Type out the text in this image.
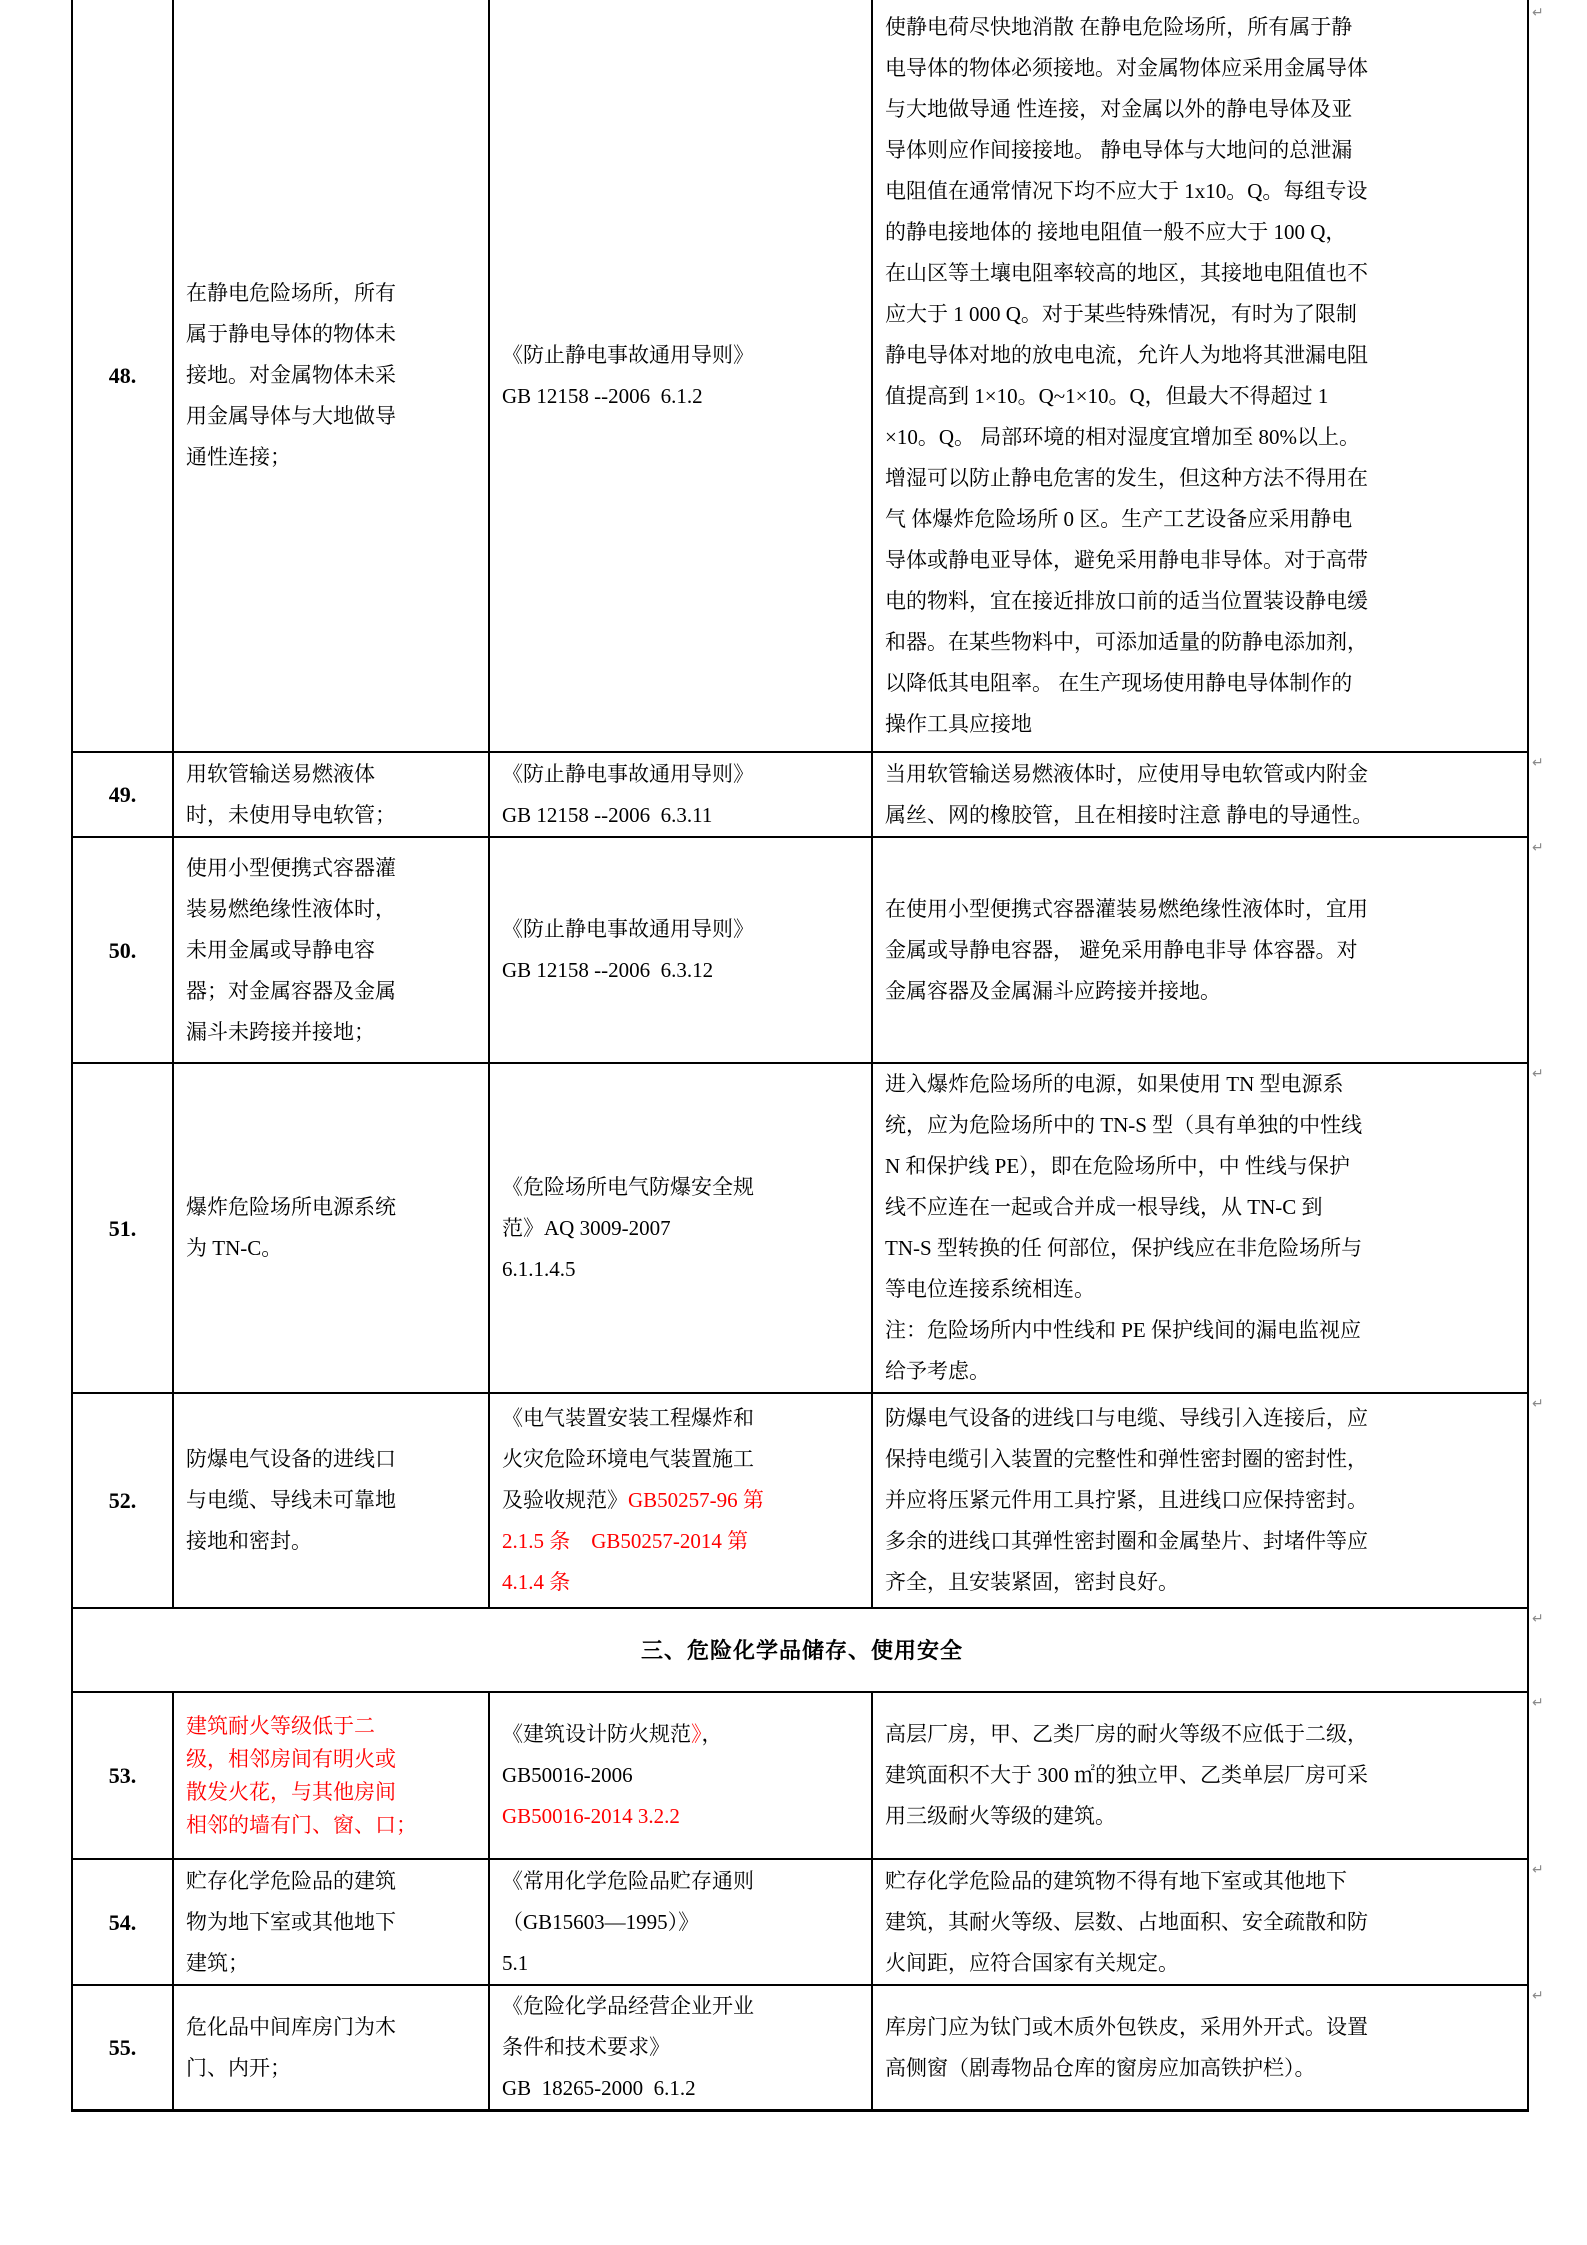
48.	在静电危险场所，所有
属于静电导体的物体未
接地。对金属物体未采
用金属导体与大地做导
通性连接；	《防止静电事故通用导则》
GB 12158 --2006  6.1.2	使静电荷尽快地消散 在静电危险场所，所有属于静
电导体的物体必须接地。对金属物体应采用金属导体
与大地做导通 性连接，对金属以外的静电导体及亚
导体则应作间接接地。 静电导体与大地问的总泄漏
电阻值在通常情况下均不应大于 1x10。Q。每组专设
的静电接地体的 接地电阻值一般不应大于 100 Q，
在山区等土壤电阻率较高的地区，其接地电阻值也不
应大于 1 000 Q。对于某些特殊情况，有时为了限制
静电导体对地的放电电流，允许人为地将其泄漏电阻
值提高到 1×10。Q~1×10。Q，但最大不得超过 1
×10。Q。 局部环境的相对湿度宜增加至 80%以上。
增湿可以防止静电危害的发生，但这种方法不得用在
气 体爆炸危险场所 0 区。生产工艺设备应采用静电
导体或静电亚导体，避免采用静电非导体。对于高带
电的物料，宜在接近排放口前的适当位置装设静电缓
和器。在某些物料中，可添加适量的防静电添加剂，
以降低其电阻率。 在生产现场使用静电导体制作的
操作工具应接地
49.	用软管输送易燃液体
时，未使用导电软管；	《防止静电事故通用导则》
GB 12158 --2006  6.3.11	当用软管输送易燃液体时，应使用导电软管或内附金
属丝、网的橡胶管，且在相接时注意 静电的导通性。
50.	使用小型便携式容器灌
装易燃绝缘性液体时，
未用金属或导静电容
器；对金属容器及金属
漏斗未跨接并接地；	《防止静电事故通用导则》
GB 12158 --2006  6.3.12	在使用小型便携式容器灌装易燃绝缘性液体时，宜用
金属或导静电容器， 避免采用静电非导 体容器。对
金属容器及金属漏斗应跨接并接地。
51.	爆炸危险场所电源系统
为 TN-C。	《危险场所电气防爆安全规
范》AQ 3009-2007
6.1.1.4.5	进入爆炸危险场所的电源，如果使用 TN 型电源系
统，应为危险场所中的 TN-S 型（具有单独的中性线
N 和保护线 PE），即在危险场所中，中 性线与保护
线不应连在一起或合并成一根导线，从 TN-C 到
TN-S 型转换的任 何部位，保护线应在非危险场所与
等电位连接系统相连。
注：危险场所内中性线和 PE 保护线间的漏电监视应
给予考虑。
52.	防爆电气设备的进线口
与电缆、导线未可靠地
接地和密封。	《电气装置安装工程爆炸和
火灾危险环境电气装置施工
及验收规范》GB50257-96 第
2.1.5 条    GB50257-2014 第
4.1.4 条	防爆电气设备的进线口与电缆、导线引入连接后，应
保持电缆引入装置的完整性和弹性密封圈的密封性，
并应将压紧元件用工具拧紧，且进线口应保持密封。
多余的进线口其弹性密封圈和金属垫片、封堵件等应
齐全，且安装紧固，密封良好。
三、危险化学品储存、使用安全			
53.	建筑耐火等级低于二
级，相邻房间有明火或
散发火花，与其他房间
相邻的墙有门、窗、口；	《建筑设计防火规范》，
GB50016-2006
GB50016-2014 3.2.2	高层厂房，甲、乙类厂房的耐火等级不应低于二级，
建筑面积不大于 300 ㎡的独立甲、乙类单层厂房可采
用三级耐火等级的建筑。
54.	贮存化学危险品的建筑
物为地下室或其他地下
建筑；	《常用化学危险品贮存通则
（GB15603—1995）》
5.1	贮存化学危险品的建筑物不得有地下室或其他地下
建筑，其耐火等级、层数、占地面积、安全疏散和防
火间距，应符合国家有关规定。
55.	危化品中间库房门为木
门、内开；	《危险化学品经营企业开业
条件和技术要求》
GB  18265-2000  6.1.2	库房门应为钛门或木质外包铁皮，采用外开式。设置
高侧窗（剧毒物品仓库的窗房应加高铁护栏）。
↵
↵
↵
↵
↵
↵
↵
↵
↵
